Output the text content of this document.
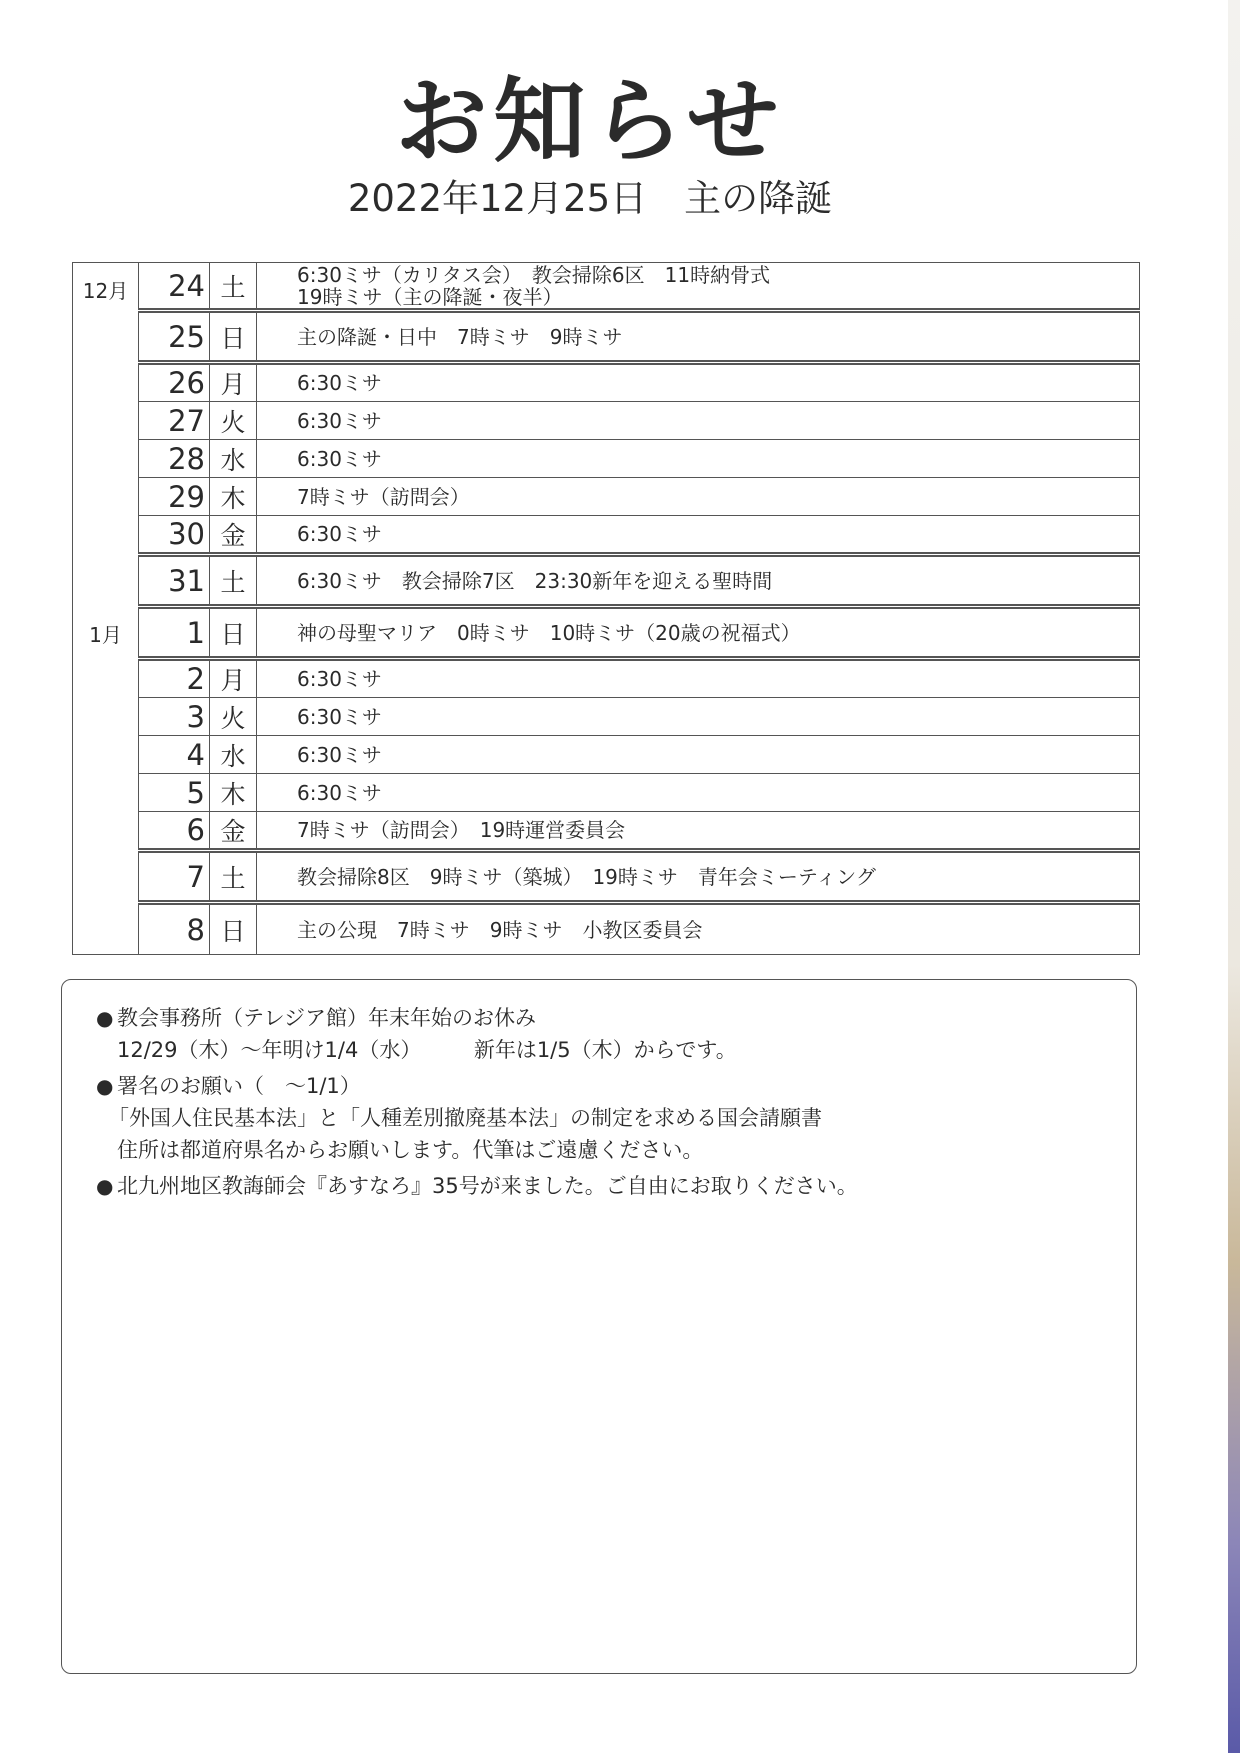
お知らせ
2022年12月25日　主の降誕
12月	24	土	6:30ミサ（カリタス会）　教会掃除6区　11時納骨式
19時ミサ（主の降誕・夜半）

	25	日	主の降誕・日中　7時ミサ　9時ミサ

	26	月	6:30ミサ

	27	火	6:30ミサ

	28	水	6:30ミサ

	29	木	7時ミサ（訪問会）

	30	金	6:30ミサ

	31	土	6:30ミサ　教会掃除7区　23:30新年を迎える聖時間

1月	1	日	神の母聖マリア　0時ミサ　10時ミサ（20歳の祝福式）

	2	月	6:30ミサ

	3	火	6:30ミサ

	4	水	6:30ミサ

	5	木	6:30ミサ

	6	金	7時ミサ（訪問会）　19時運営委員会

	7	土	教会掃除8区　9時ミサ（築城）　19時ミサ　青年会ミーティング

	8	日	主の公現　7時ミサ　9時ミサ　小教区委員会
● 教会事務所（テレジア館）年末年始のお休み
12/29（木）～年明け1/4（水）　　　新年は1/5（木）からです。
● 署名のお願い（　～1/1）
「外国人住民基本法」と「人種差別撤廃基本法」の制定を求める国会請願書
住所は都道府県名からお願いします。代筆はご遠慮ください。
● 北九州地区教誨師会『あすなろ』35号が来ました。ご自由にお取りください。
